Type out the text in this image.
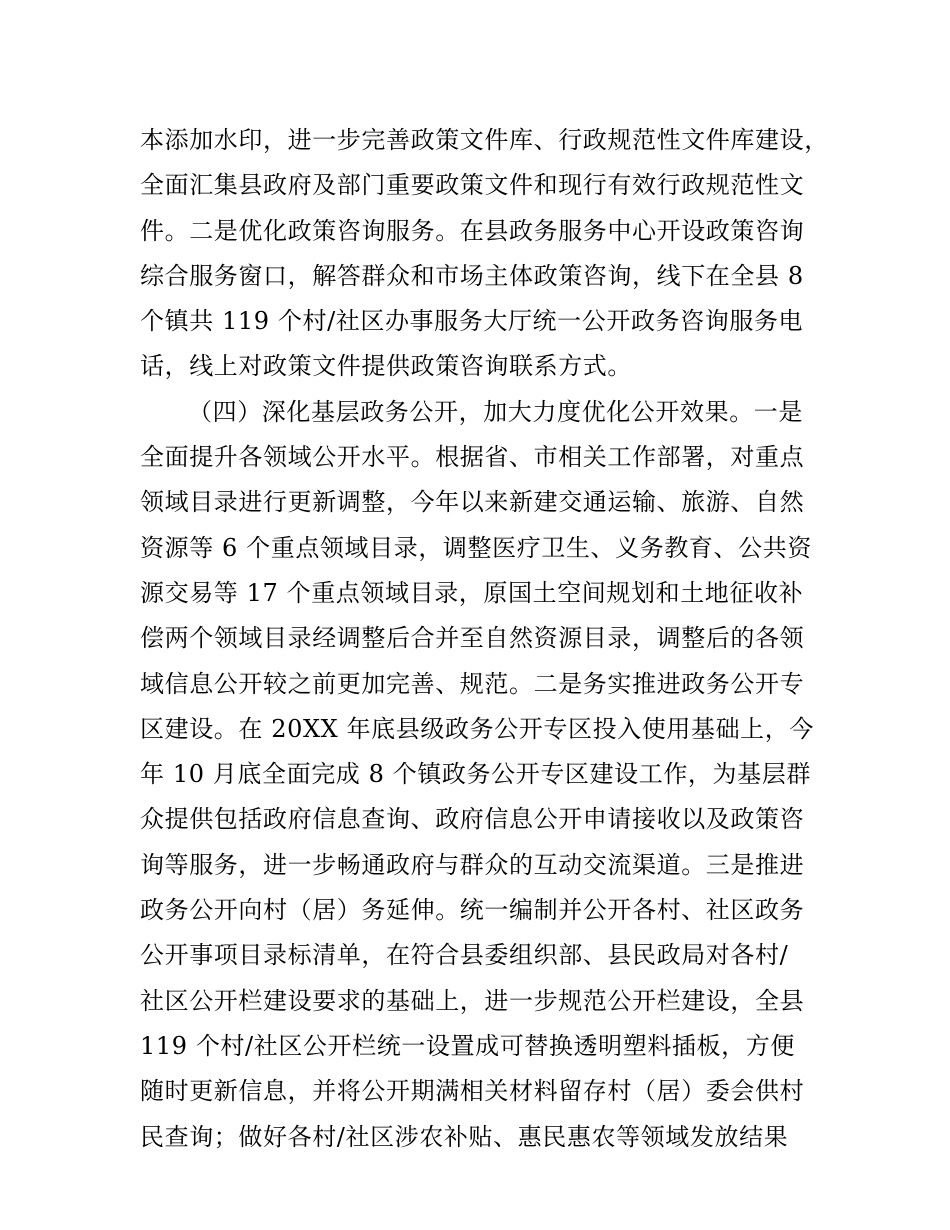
本添加水印，进一步完善政策文件库、行政规范性文件库建设，
全面汇集县政府及部门重要政策文件和现行有效行政规范性文
件。二是优化政策咨询服务。在县政务服务中心开设政策咨询
综合服务窗口，解答群众和市场主体政策咨询，线下在全县 8
个镇共 119 个村/社区办事服务大厅统一公开政务咨询服务电
话，线上对政策文件提供政策咨询联系方式。
（四）深化基层政务公开，加大力度优化公开效果。一是
全面提升各领域公开水平。根据省、市相关工作部署，对重点
领域目录进行更新调整，今年以来新建交通运输、旅游、自然
资源等 6 个重点领域目录，调整医疗卫生、义务教育、公共资
源交易等 17 个重点领域目录，原国土空间规划和土地征收补
偿两个领域目录经调整后合并至自然资源目录，调整后的各领
域信息公开较之前更加完善、规范。二是务实推进政务公开专
区建设。在 20XX 年底县级政务公开专区投入使用基础上，今
年 10 月底全面完成 8 个镇政务公开专区建设工作，为基层群
众提供包括政府信息查询、政府信息公开申请接收以及政策咨
询等服务，进一步畅通政府与群众的互动交流渠道。三是推进
政务公开向村（居）务延伸。统一编制并公开各村、社区政务
公开事项目录标清单，在符合县委组织部、县民政局对各村/
社区公开栏建设要求的基础上，进一步规范公开栏建设，全县
119 个村/社区公开栏统一设置成可替换透明塑料插板，方便
随时更新信息，并将公开期满相关材料留存村（居）委会供村
民查询；做好各村/社区涉农补贴、惠民惠农等领域发放结果
